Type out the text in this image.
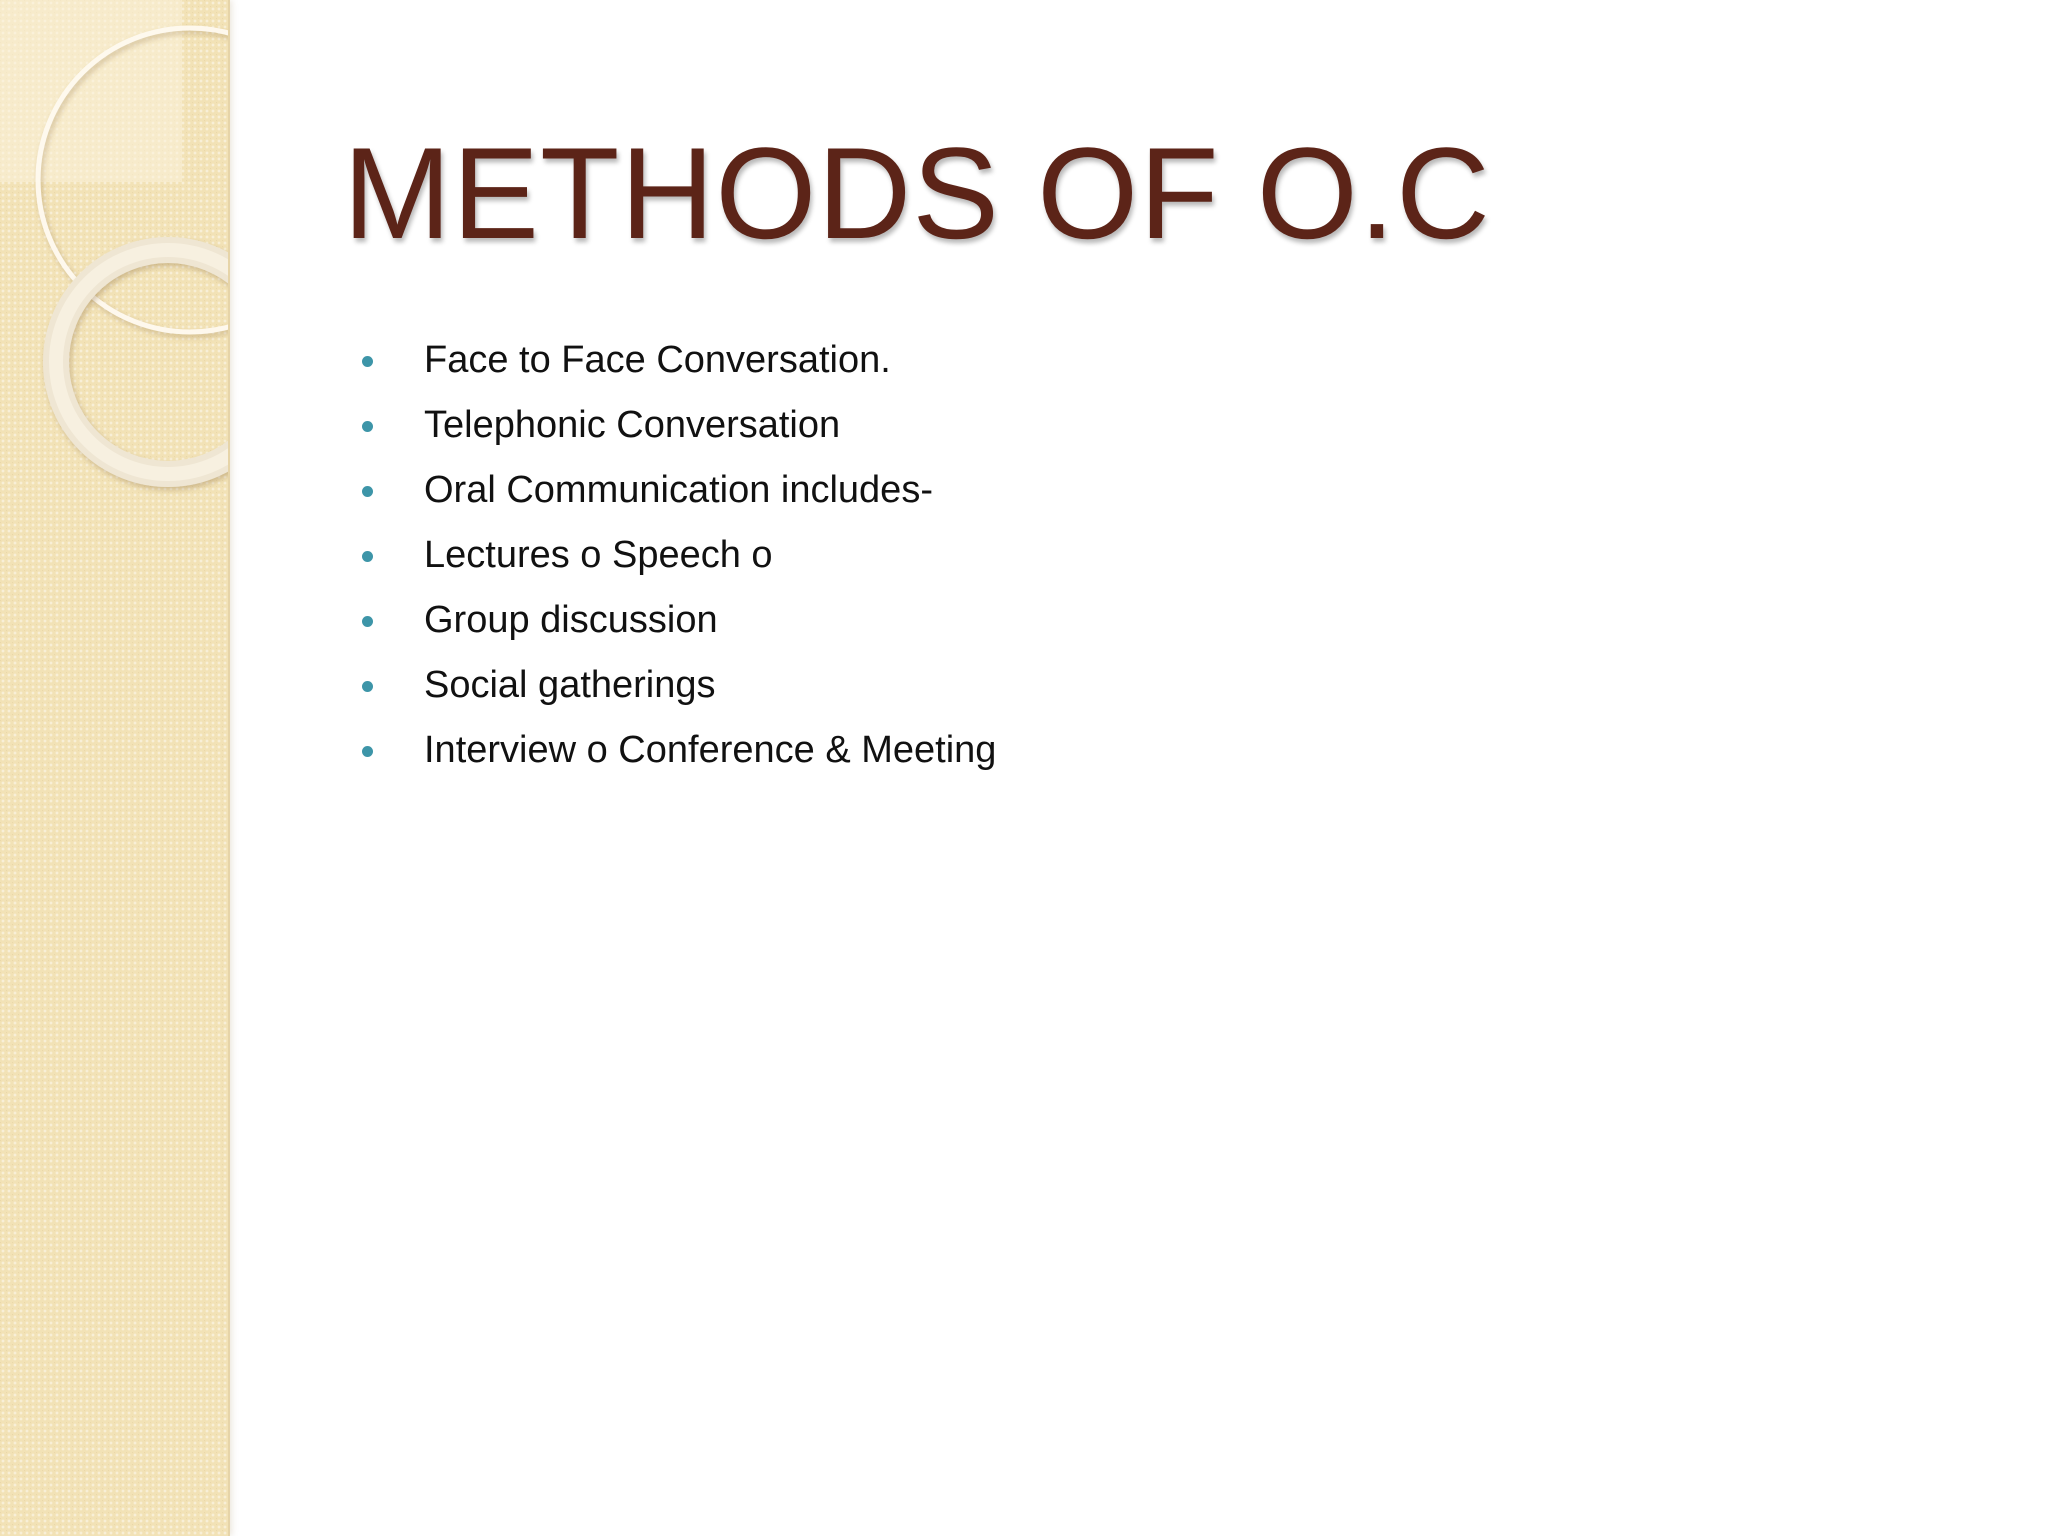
METHODS OF O.C
Face to Face Conversation.
Telephonic Conversation
Oral Communication includes-
Lectures ο Speech ο
Group discussion
Social gatherings
Interview ο Conference & Meeting
